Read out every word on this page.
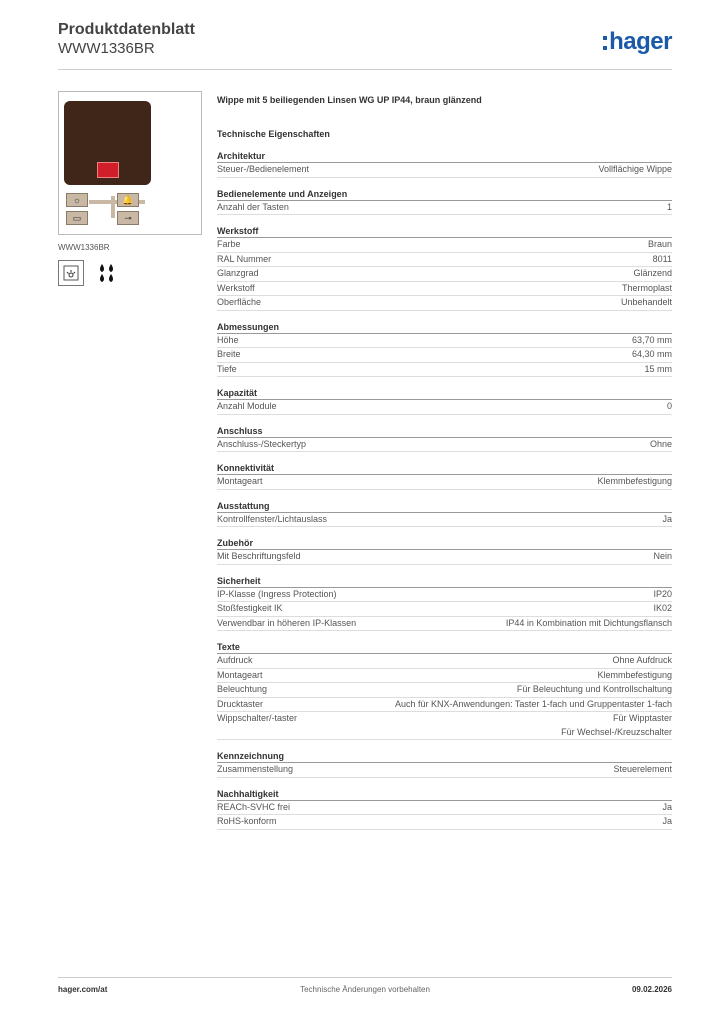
Produktdatenblatt
WWW1336BR	hager
☼	🔔
▭	⊸
WWW1336BR
Wippe mit 5 beiliegenden Linsen WG UP IP44, braun glänzend
Technische Eigenschaften
Architektur
Steuer-/Bedienelement	Vollflächige Wippe
Bedienelemente und Anzeigen
Anzahl der Tasten	1
Werkstoff
Farbe	Braun
RAL Nummer	8011
Glanzgrad	Glänzend
Werkstoff	Thermoplast
Oberfläche	Unbehandelt
Abmessungen
Höhe	63,70 mm
Breite	64,30 mm
Tiefe	15 mm
Kapazität
Anzahl Module	0
Anschluss
Anschluss-/Steckertyp	Ohne
Konnektivität
Montageart	Klemmbefestigung
Ausstattung
Kontrollfenster/Lichtauslass	Ja
Zubehör
Mit Beschriftungsfeld	Nein
Sicherheit
IP-Klasse (Ingress Protection)	IP20
Stoßfestigkeit IK	IK02
Verwendbar in höheren IP-Klassen	IP44 in Kombination mit Dichtungsflansch
Texte
Aufdruck	Ohne Aufdruck
Montageart	Klemmbefestigung
Beleuchtung	Für Beleuchtung und Kontrollschaltung
Drucktaster	Auch für KNX-Anwendungen: Taster 1-fach und Gruppentaster 1-fach
Wippschalter/-taster	Für Wipptaster
Für Wechsel-/Kreuzschalter
Kennzeichnung
Zusammenstellung	Steuerelement
Nachhaltigkeit
REACh-SVHC frei	Ja
RoHS-konform	Ja
hager.com/at	Technische Änderungen vorbehalten	09.02.2026
